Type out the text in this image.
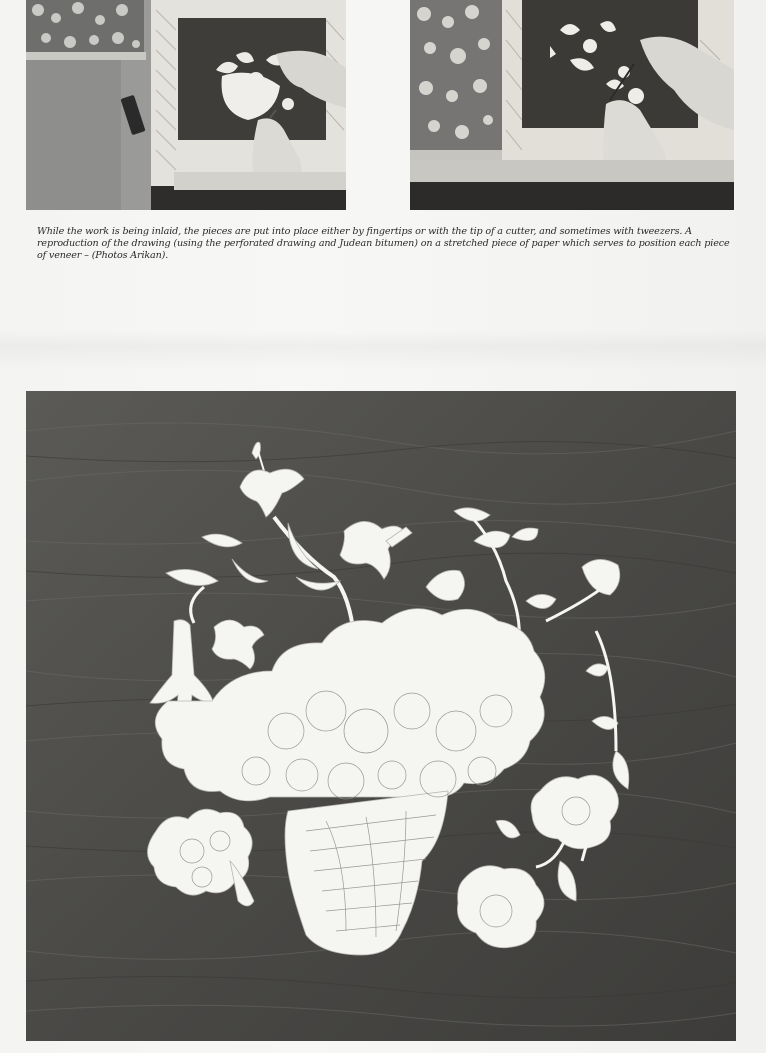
While the work is being inlaid, the pieces are put into place either by fingertips or with the tip of a cutter, and sometimes with tweezers. A reproduction of the drawing (using the perforated drawing and Judean bitumen) on a stretched piece of paper which serves to position each piece of veneer – (Photos Arikan).
